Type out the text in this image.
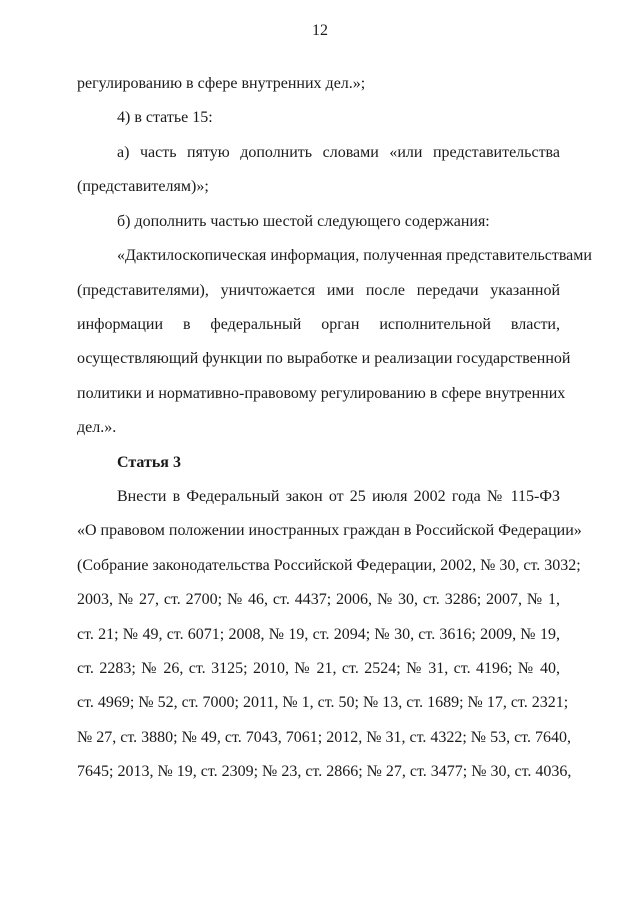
12
регулированию в сфере внутренних дел.»;
4) в статье 15:
а) часть пятую дополнить словами «или представительства
(представителям)»;
б) дополнить частью шестой следующего содержания:
«Дактилоскопическая информация, полученная представительствами
(представителями), уничтожается ими после передачи указанной
информации в федеральный орган исполнительной власти,
осуществляющий функции по выработке и реализации государственной
политики и нормативно-правовому регулированию в сфере внутренних
дел.».
Статья 3
Внести в Федеральный закон от 25 июля 2002 года № 115-ФЗ
«О правовом положении иностранных граждан в Российской Федерации»
(Собрание законодательства Российской Федерации, 2002, № 30, ст. 3032;
2003, № 27, ст. 2700; № 46, ст. 4437; 2006, № 30, ст. 3286; 2007, № 1,
ст. 21; № 49, ст. 6071; 2008, № 19, ст. 2094; № 30, ст. 3616; 2009, № 19,
ст. 2283; № 26, ст. 3125; 2010, № 21, ст. 2524; № 31, ст. 4196; № 40,
ст. 4969; № 52, ст. 7000; 2011, № 1, ст. 50; № 13, ст. 1689; № 17, ст. 2321;
№ 27, ст. 3880; № 49, ст. 7043, 7061; 2012, № 31, ст. 4322; № 53, ст. 7640,
7645; 2013, № 19, ст. 2309; № 23, ст. 2866; № 27, ст. 3477; № 30, ст. 4036,
